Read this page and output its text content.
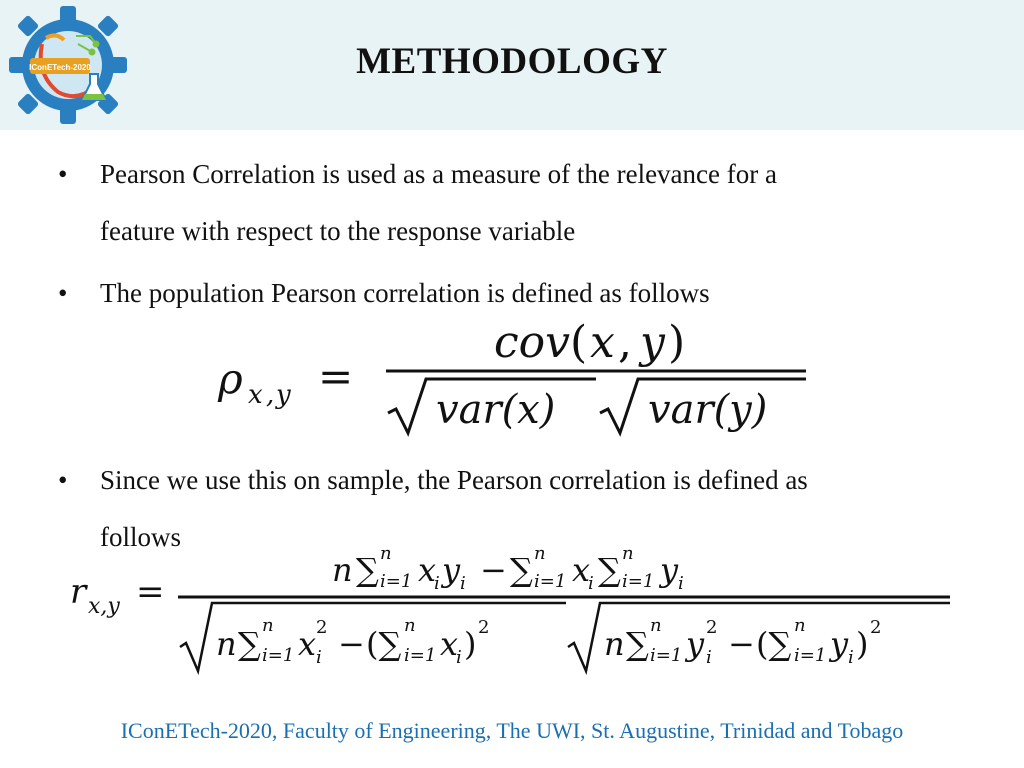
IConETech-2020	METHODOLOGY
•	Pearson Correlation is used as a measure of the relevance for a
feature with respect to the response variable
•	The population Pearson correlation is defined as follows
ρ x , y =
cov ( x , y )
var(x) var(y)
•	Since we use this on sample, the Pearson correlation is defined as
follows
r x,y =
n ∑ n
i=1 x
i y i − ∑ n
i=1 x
i ∑ n
i=1 y i
n ∑ n
i=1 x 2
i − (∑ n
i=1 x
i ) 2	n ∑ n
i=1 y 2
i − (∑ n
i=1 y i ) 2
IConETech-2020, Faculty of Engineering, The UWI, St. Augustine, Trinidad and Tobago
